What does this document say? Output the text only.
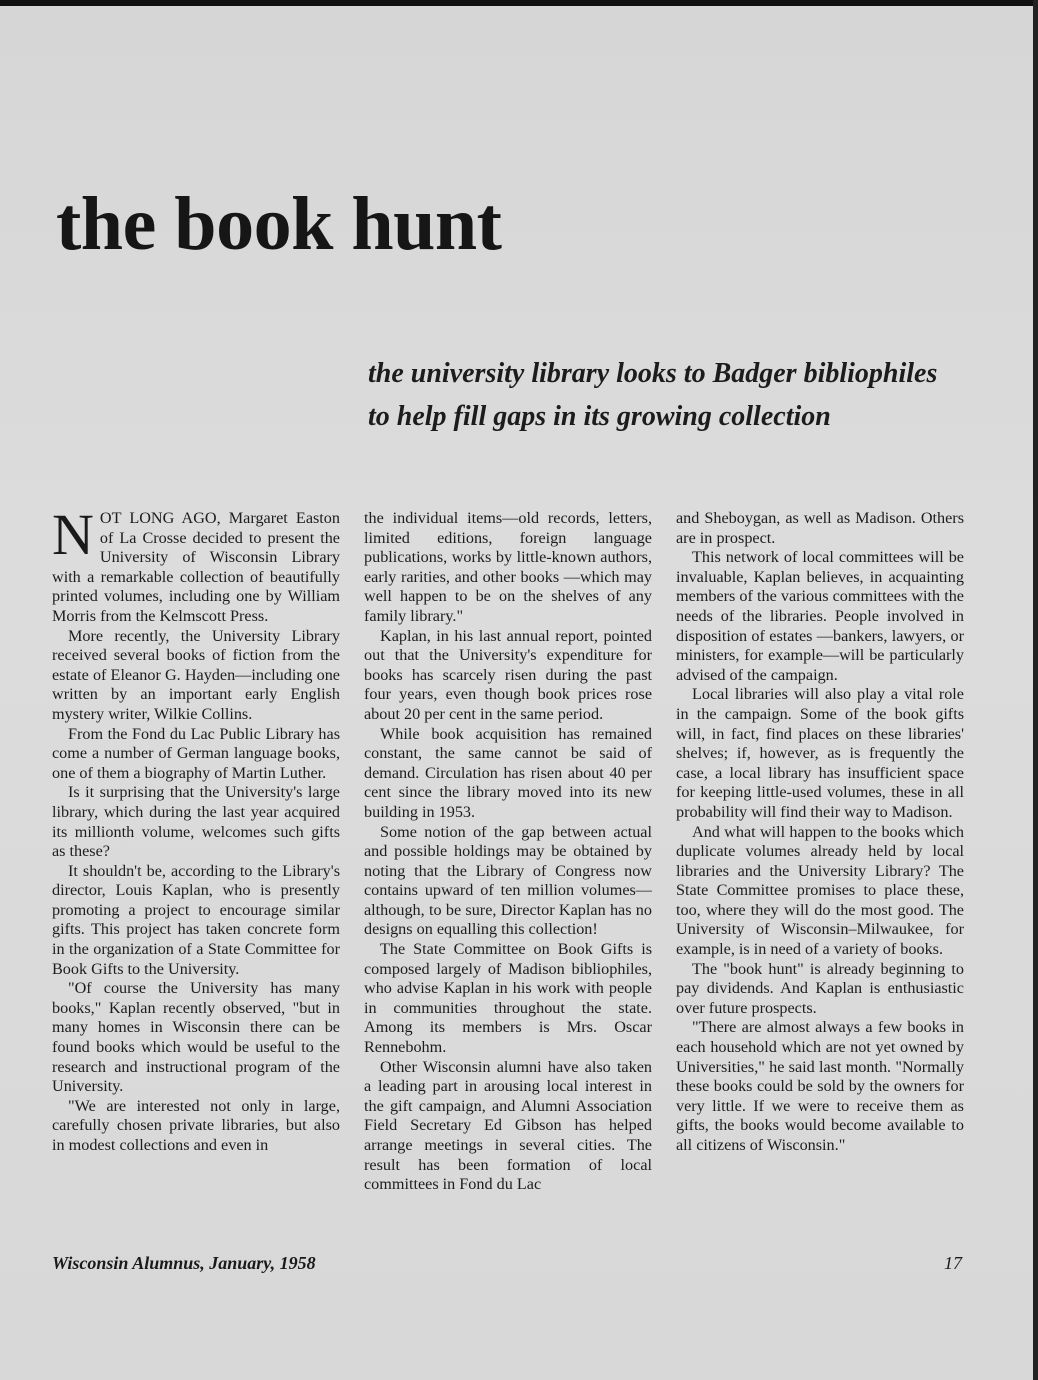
the book hunt
the university library looks to Badger bibliophiles
to help fill gaps in its growing collection

NOT LONG AGO, Margaret Easton of La Crosse decided to present the University of Wisconsin Library with a remarkable collection of beautifully printed volumes, including one by William Morris from the Kelmscott Press.

More recently, the University Library received several books of fiction from the estate of Eleanor G. Hayden—including one written by an important early English mystery writer, Wilkie Collins.

From the Fond du Lac Public Library has come a number of German language books, one of them a biography of Martin Luther.

Is it surprising that the University's large library, which during the last year acquired its millionth volume, welcomes such gifts as these?

It shouldn't be, according to the Library's director, Louis Kaplan, who is presently promoting a project to encourage similar gifts. This project has taken concrete form in the organization of a State Committee for Book Gifts to the University.

"Of course the University has many books," Kaplan recently observed, "but in many homes in Wisconsin there can be found books which would be useful to the research and instructional program of the University.

"We are interested not only in large, carefully chosen private libraries, but also in modest collections and even in

the individual items—old records, letters, limited editions, foreign language publications, works by little-known authors, early rarities, and other books —which may well happen to be on the shelves of any family library."

Kaplan, in his last annual report, pointed out that the University's expenditure for books has scarcely risen during the past four years, even though book prices rose about 20 per cent in the same period.

While book acquisition has remained constant, the same cannot be said of demand. Circulation has risen about 40 per cent since the library moved into its new building in 1953.

Some notion of the gap between actual and possible holdings may be obtained by noting that the Library of Congress now contains upward of ten million volumes—although, to be sure, Director Kaplan has no designs on equalling this collection!

The State Committee on Book Gifts is composed largely of Madison bibliophiles, who advise Kaplan in his work with people in communities throughout the state. Among its members is Mrs. Oscar Rennebohm.

Other Wisconsin alumni have also taken a leading part in arousing local interest in the gift campaign, and Alumni Association Field Secretary Ed Gibson has helped arrange meetings in several cities. The result has been formation of local committees in Fond du Lac

and Sheboygan, as well as Madison. Others are in prospect.

This network of local committees will be invaluable, Kaplan believes, in acquainting members of the various committees with the needs of the libraries. People involved in disposition of estates —bankers, lawyers, or ministers, for example—will be particularly advised of the campaign.

Local libraries will also play a vital role in the campaign. Some of the book gifts will, in fact, find places on these libraries' shelves; if, however, as is frequently the case, a local library has insufficient space for keeping little-used volumes, these in all probability will find their way to Madison.

And what will happen to the books which duplicate volumes already held by local libraries and the University Library? The State Committee promises to place these, too, where they will do the most good. The University of Wisconsin–Milwaukee, for example, is in need of a variety of books.

The "book hunt" is already beginning to pay dividends. And Kaplan is enthusiastic over future prospects.

"There are almost always a few books in each household which are not yet owned by Universities," he said last month. "Normally these books could be sold by the owners for very little. If we were to receive them as gifts, the books would become available to all citizens of Wisconsin."

Wisconsin Alumnus, January, 1958	17
